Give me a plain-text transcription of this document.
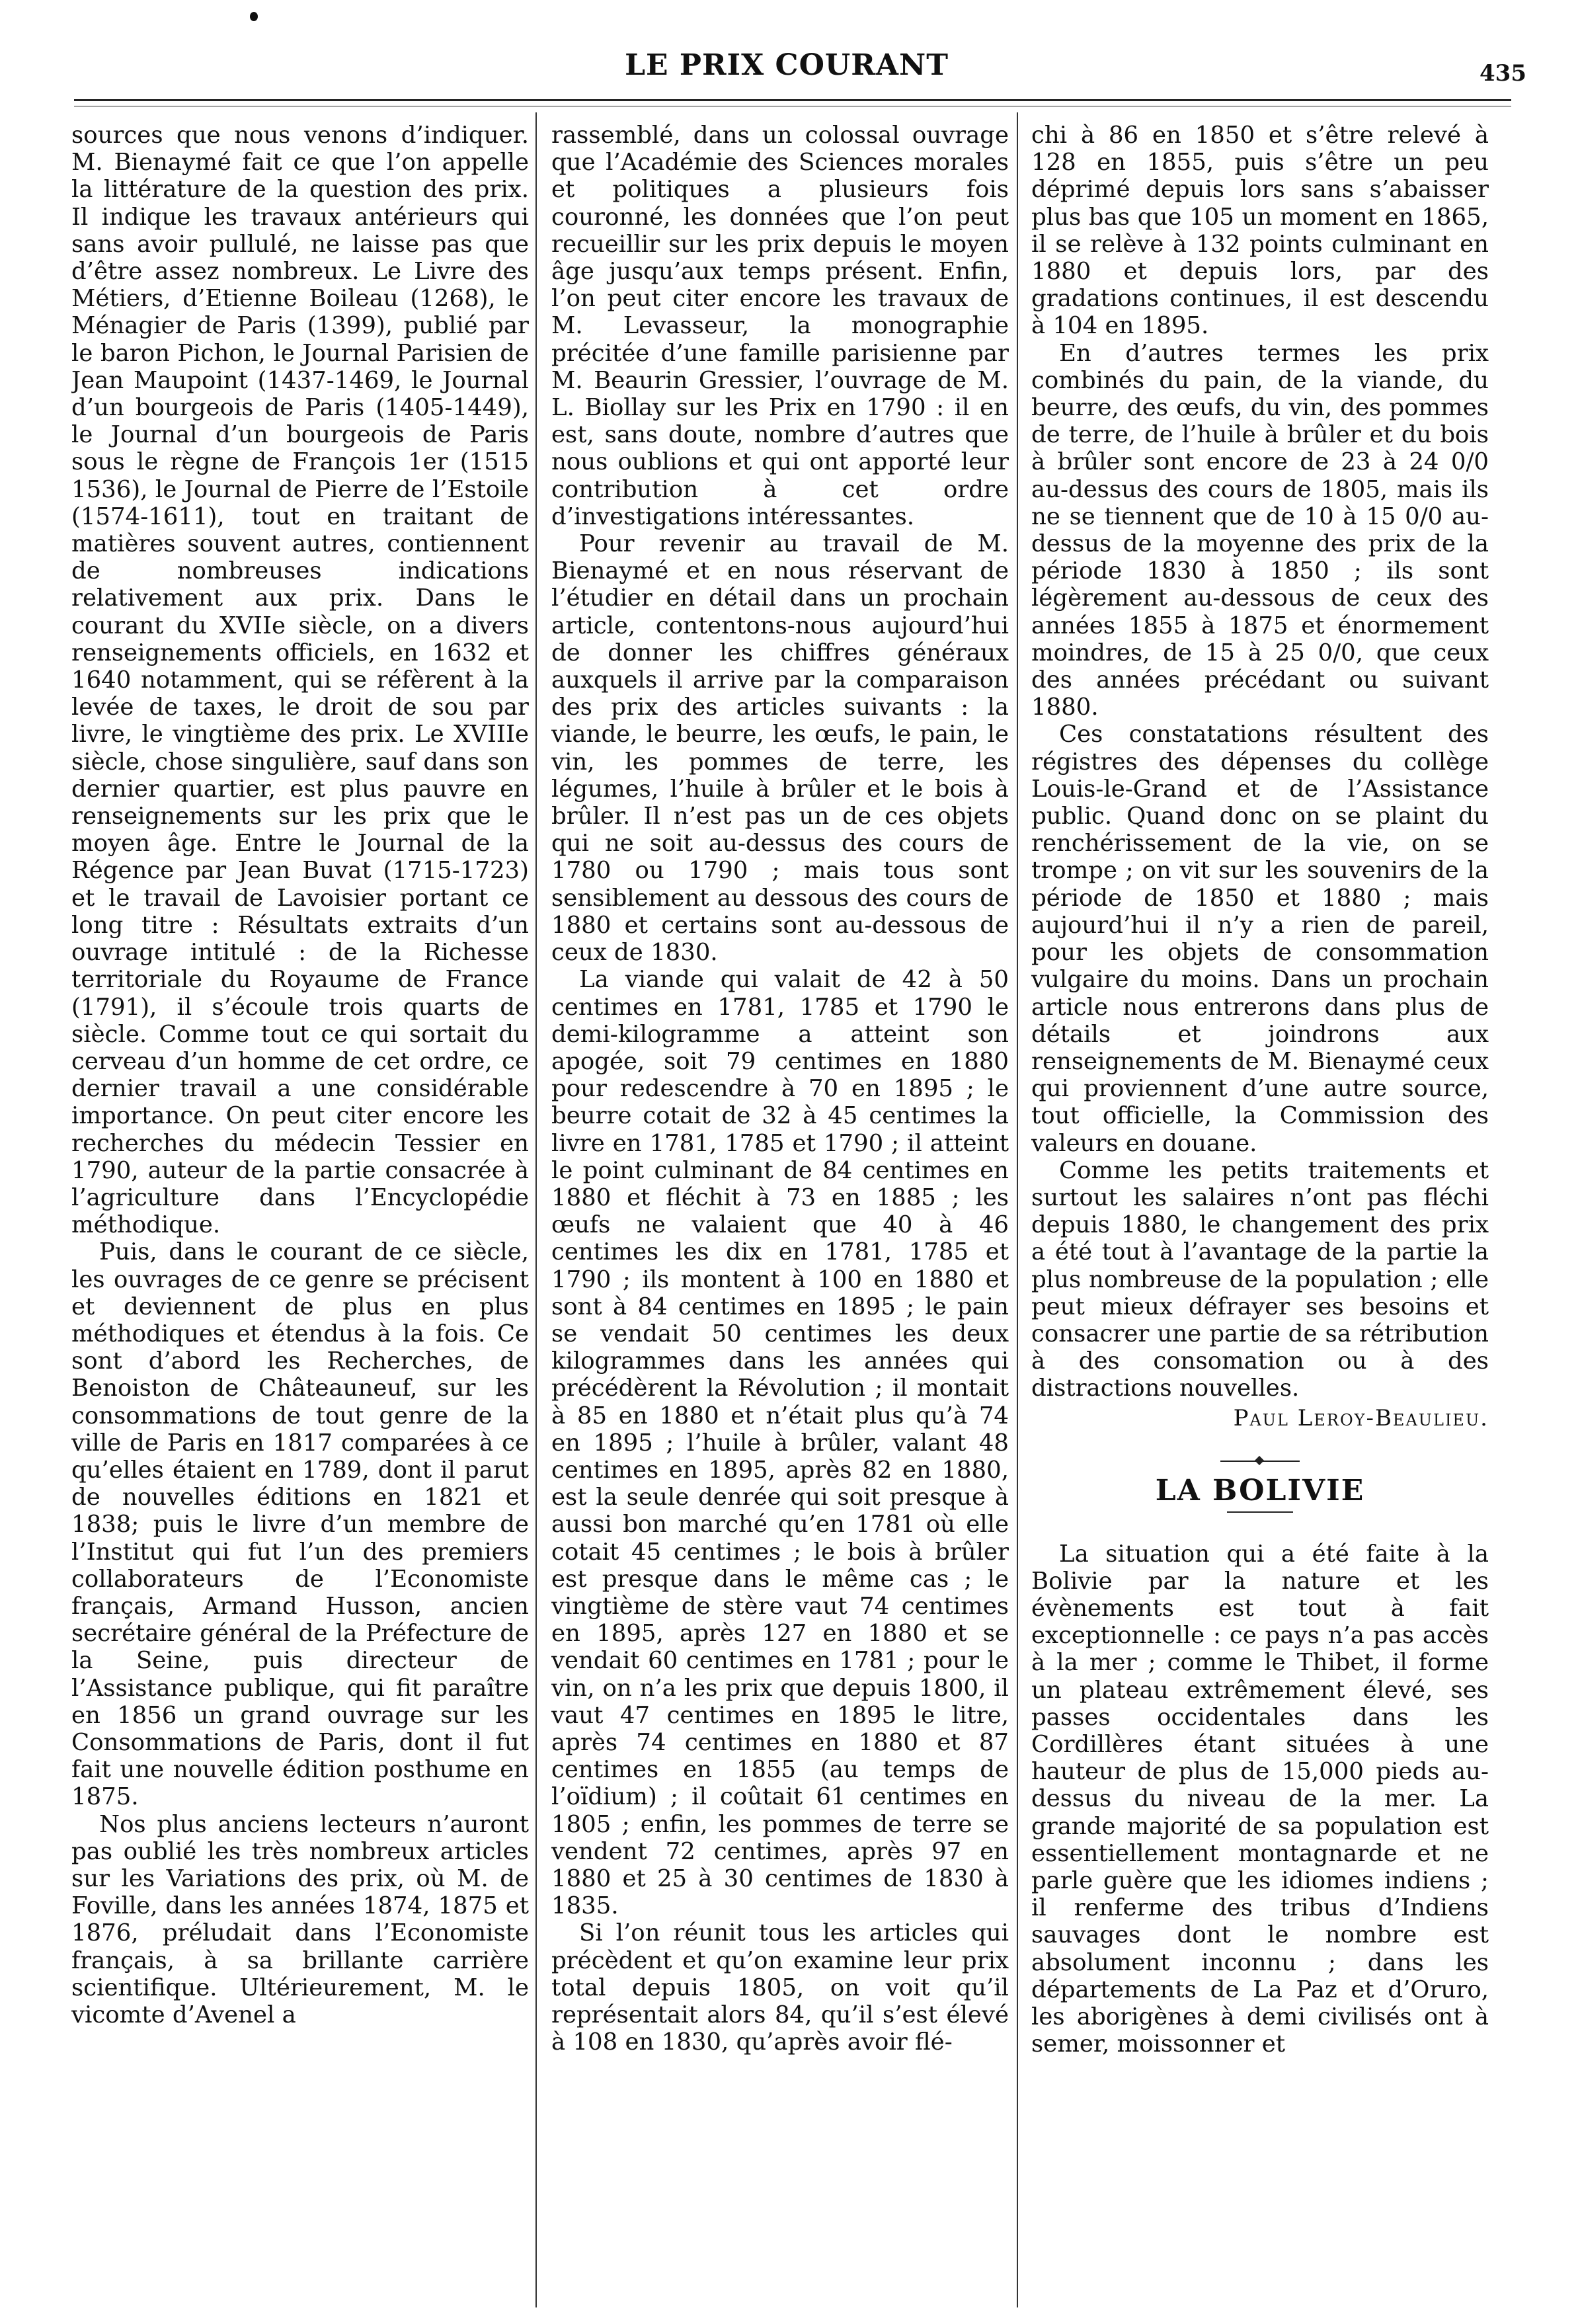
LE PRIX COURANT	435

sources que nous venons d’indiquer. M. Bienaymé fait ce que l’on appelle la littérature de la question des prix. Il indique les travaux antérieurs qui sans avoir pullulé, ne laisse pas que d’être assez nombreux. Le Livre des Métiers, d’Etienne Boileau (1268), le Ménagier de Paris (1399), publié par le baron Pichon, le Journal Parisien de Jean Maupoint (1437-1469, le Journal d’un bourgeois de Paris (1405-1449), le Journal d’un bourgeois de Paris sous le règne de François 1er (1515 1536), le Journal de Pierre de l’Estoile (1574-1611), tout en traitant de matières souvent autres, contiennent de nombreuses indications relativement aux prix. Dans le courant du XVIIe siècle, on a divers renseignements officiels, en 1632 et 1640 notamment, qui se réfèrent à la levée de taxes, le droit de sou par livre, le vingtième des prix. Le XVIIIe siècle, chose singulière, sauf dans son dernier quartier, est plus pauvre en renseignements sur les prix que le moyen âge. Entre le Journal de la Régence par Jean Buvat (1715-1723) et le travail de Lavoisier portant ce long titre : Résultats extraits d’un ouvrage intitulé : de la Richesse territoriale du Royaume de France (1791), il s’écoule trois quarts de siècle. Comme tout ce qui sortait du cerveau d’un homme de cet ordre, ce dernier travail a une considérable importance. On peut citer encore les recherches du médecin Tessier en 1790, auteur de la partie consacrée à l’agriculture dans l’Encyclopédie méthodique.

Puis, dans le courant de ce siècle, les ouvrages de ce genre se précisent et deviennent de plus en plus méthodiques et étendus à la fois. Ce sont d’abord les Recherches, de Benoiston de Châteauneuf, sur les consommations de tout genre de la ville de Paris en 1817 comparées à ce qu’elles étaient en 1789, dont il parut de nouvelles éditions en 1821 et 1838; puis le livre d’un membre de l’Institut qui fut l’un des premiers collaborateurs de l’Economiste français, Armand Husson, ancien secrétaire général de la Préfecture de la Seine, puis directeur de l’Assistance publique, qui fit paraître en 1856 un grand ouvrage sur les Consommations de Paris, dont il fut fait une nouvelle édition posthume en 1875.

Nos plus anciens lecteurs n’auront pas oublié les très nombreux articles sur les Variations des prix, où M. de Foville, dans les années 1874, 1875 et 1876, préludait dans l’Economiste français, à sa brillante carrière scientifique. Ultérieurement, M. le vicomte d’Avenel a

rassemblé, dans un colossal ouvrage que l’Académie des Sciences morales et politiques a plusieurs fois couronné, les données que l’on peut recueillir sur les prix depuis le moyen âge jusqu’aux temps présent. Enfin, l’on peut citer encore les travaux de M. Levasseur, la monographie précitée d’une famille parisienne par M. Beaurin Gressier, l’ouvrage de M. L. Biollay sur les Prix en 1790 : il en est, sans doute, nombre d’autres que nous oublions et qui ont apporté leur contribution à cet ordre d’investigations intéressantes.

Pour revenir au travail de M. Bienaymé et en nous réservant de l’étudier en détail dans un prochain article, contentons-nous aujourd’hui de donner les chiffres généraux auxquels il arrive par la comparaison des prix des articles suivants : la viande, le beurre, les œufs, le pain, le vin, les pommes de terre, les légumes, l’huile à brûler et le bois à brûler. Il n’est pas un de ces objets qui ne soit au-dessus des cours de 1780 ou 1790 ; mais tous sont sensiblement au dessous des cours de 1880 et certains sont au-dessous de ceux de 1830.

La viande qui valait de 42 à 50 centimes en 1781, 1785 et 1790 le demi-kilogramme a atteint son apogée, soit 79 centimes en 1880 pour redescendre à 70 en 1895 ; le beurre cotait de 32 à 45 centimes la livre en 1781, 1785 et 1790 ; il atteint le point culminant de 84 centimes en 1880 et fléchit à 73 en 1885 ; les œufs ne valaient que 40 à 46 centimes les dix en 1781, 1785 et 1790 ; ils montent à 100 en 1880 et sont à 84 centimes en 1895 ; le pain se vendait 50 centimes les deux kilogrammes dans les années qui précédèrent la Révolution ; il montait à 85 en 1880 et n’était plus qu’à 74 en 1895 ; l’huile à brûler, valant 48 centimes en 1895, après 82 en 1880, est la seule denrée qui soit presque à aussi bon marché qu’en 1781 où elle cotait 45 centimes ; le bois à brûler est presque dans le même cas ; le vingtième de stère vaut 74 centimes en 1895, après 127 en 1880 et se vendait 60 centimes en 1781 ; pour le vin, on n’a les prix que depuis 1800, il vaut 47 centimes en 1895 le litre, après 74 centimes en 1880 et 87 centimes en 1855 (au temps de l’oïdium) ; il coûtait 61 centimes en 1805 ; enfin, les pommes de terre se vendent 72 centimes, après 97 en 1880 et 25 à 30 centimes de 1830 à 1835.

Si l’on réunit tous les articles qui précèdent et qu’on examine leur prix total depuis 1805, on voit qu’il représentait alors 84, qu’il s’est élevé à 108 en 1830, qu’après avoir flé-

chi à 86 en 1850 et s’être relevé à 128 en 1855, puis s’être un peu déprimé depuis lors sans s’abaisser plus bas que 105 un moment en 1865, il se relève à 132 points culminant en 1880 et depuis lors, par des gradations continues, il est descendu à 104 en 1895.

En d’autres termes les prix combinés du pain, de la viande, du beurre, des œufs, du vin, des pommes de terre, de l’huile à brûler et du bois à brûler sont encore de 23 à 24 0/0 au-dessus des cours de 1805, mais ils ne se tiennent que de 10 à 15 0/0 au-dessus de la moyenne des prix de la période 1830 à 1850 ; ils sont légèrement au-dessous de ceux des années 1855 à 1875 et énormement moindres, de 15 à 25 0/0, que ceux des années précédant ou suivant 1880.

Ces constatations résultent des régistres des dépenses du collège Louis-le-Grand et de l’Assistance public. Quand donc on se plaint du renchérissement de la vie, on se trompe ; on vit sur les souvenirs de la période de 1850 et 1880 ; mais aujourd’hui il n’y a rien de pareil, pour les objets de consommation vulgaire du moins. Dans un prochain article nous entrerons dans plus de détails et joindrons aux renseignements de M. Bienaymé ceux qui proviennent d’une autre source, tout officielle, la Commission des valeurs en douane.

Comme les petits traitements et surtout les salaires n’ont pas fléchi depuis 1880, le changement des prix a été tout à l’avantage de la partie la plus nombreuse de la population ; elle peut mieux défrayer ses besoins et consacrer une partie de sa rétribution à des consomation ou à des distractions nouvelles.

Paul Leroy-Beaulieu.
LA BOLIVIE

La situation qui a été faite à la Bolivie par la nature et les évènements est tout à fait exceptionnelle : ce pays n’a pas accès à la mer ; comme le Thibet, il forme un plateau extrêmement élevé, ses passes occidentales dans les Cordillères étant situées à une hauteur de plus de 15,000 pieds au-dessus du niveau de la mer. La grande majorité de sa population est essentiellement montagnarde et ne parle guère que les idiomes indiens ; il renferme des tribus d’Indiens sauvages dont le nombre est absolument inconnu ; dans les départements de La Paz et d’Oruro, les aborigènes à demi civilisés ont à semer, moissonner et
